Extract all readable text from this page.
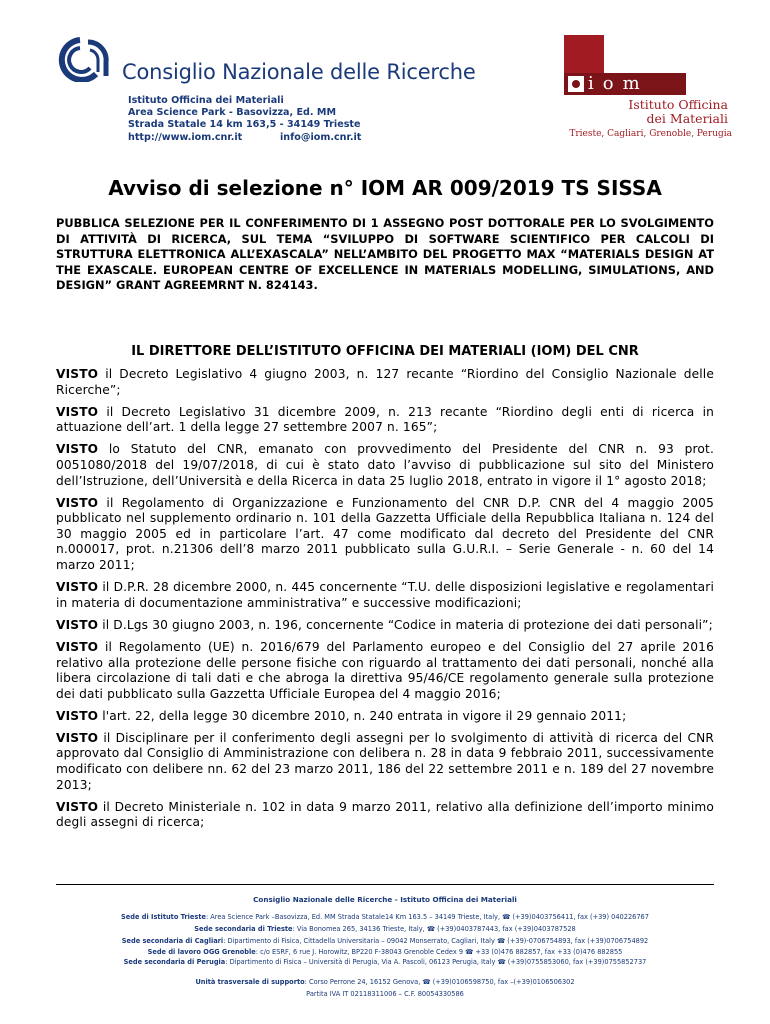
Consiglio Nazionale delle Ricerche
Istituto Officina dei Materiali
Area Science Park - Basovizza, Ed. MM
Strada Statale 14 km 163,5 - 34149 Trieste
http://www.iom.cnr.it	info@iom.cnr.it
iom
Istituto Officina
dei Materiali
Trieste, Cagliari, Grenoble, Perugia
Avviso di selezione n° IOM AR 009/2019 TS SISSA
PUBBLICA SELEZIONE PER IL CONFERIMENTO DI 1 ASSEGNO POST DOTTORALE PER LO SVOLGIMENTO DI ATTIVITÀ DI RICERCA, SUL TEMA “SVILUPPO DI SOFTWARE SCIENTIFICO PER CALCOLI DI STRUTTURA ELETTRONICA ALL’EXASCALA” NELL’AMBITO DEL PROGETTO MAX “MATERIALS DESIGN AT THE EXASCALE. EUROPEAN CENTRE OF EXCELLENCE IN MATERIALS MODELLING, SIMULATIONS, AND DESIGN” GRANT AGREEMRNT N. 824143.
IL DIRETTORE DELL’ISTITUTO OFFICINA DEI MATERIALI (IOM) DEL CNR

VISTO il Decreto Legislativo 4 giugno 2003, n. 127 recante “Riordino del Consiglio Nazionale delle Ricerche”;

VISTO il Decreto Legislativo 31 dicembre 2009, n. 213 recante “Riordino degli enti di ricerca in attuazione dell’art. 1 della legge 27 settembre 2007 n. 165”;

VISTO lo Statuto del CNR, emanato con provvedimento del Presidente del CNR n. 93 prot. 0051080/2018 del 19/07/2018, di cui è stato dato l’avviso di pubblicazione sul sito del Ministero dell’Istruzione, dell’Università e della Ricerca in data 25 luglio 2018, entrato in vigore il 1° agosto 2018;

VISTO il Regolamento di Organizzazione e Funzionamento del CNR D.P. CNR del 4 maggio 2005 pubblicato nel supplemento ordinario n. 101 della Gazzetta Ufficiale della Repubblica Italiana n. 124 del 30 maggio 2005 ed in particolare l’art. 47 come modificato dal decreto del Presidente del CNR n.000017, prot. n.21306 dell’8 marzo 2011 pubblicato sulla G.U.R.I. – Serie Generale - n. 60 del 14 marzo 2011;

VISTO il D.P.R. 28 dicembre 2000, n. 445 concernente “T.U. delle disposizioni legislative e regolamentari in materia di documentazione amministrativa” e successive modificazioni;

VISTO il D.Lgs 30 giugno 2003, n. 196, concernente “Codice in materia di protezione dei dati personali”;

VISTO il Regolamento (UE) n. 2016/679 del Parlamento europeo e del Consiglio del 27 aprile 2016 relativo alla protezione delle persone fisiche con riguardo al trattamento dei dati personali, nonché alla libera circolazione di tali dati e che abroga la direttiva 95/46/CE regolamento generale sulla protezione dei dati pubblicato sulla Gazzetta Ufficiale Europea del 4 maggio 2016;

VISTO l'art. 22, della legge 30 dicembre 2010, n. 240 entrata in vigore il 29 gennaio 2011;

VISTO il Disciplinare per il conferimento degli assegni per lo svolgimento di attività di ricerca del CNR approvato dal Consiglio di Amministrazione con delibera n. 28 in data 9 febbraio 2011, successivamente modificato con delibere nn. 62 del 23 marzo 2011, 186 del 22 settembre 2011 e n. 189 del 27 novembre 2013;

VISTO il Decreto Ministeriale n. 102 in data 9 marzo 2011, relativo alla definizione dell’importo minimo degli assegni di ricerca;

Consiglio Nazionale delle Ricerche - Istituto Officina dei Materiali
Sede di Istituto Trieste: Area Science Park –Basovizza, Ed. MM Strada Statale14 Km 163.5 – 34149 Trieste, Italy, ☎ (+39)0403756411, fax (+39) 040226767
Sede secondaria di Trieste: Via Bonomea 265, 34136 Trieste, Italy, ☎ (+39)0403787443, fax (+39)0403787528
Sede secondaria di Cagliari: Dipartimento di Fisica, Cittadella Universitaria – 09042 Monserrato, Cagliari, Italy ☎ (+39)-0706754893, fax (+39)0706754892
Sede di lavoro OGG Grenoble: c/o ESRF, 6 rue J. Horowitz, BP220 F-38043 Grenoble Cedex 9 ☎ +33 (0)476 882857, fax +33 (0)476 882855
Sede secondaria di Perugia: Dipartimento di Fisica – Università di Perugia, Via A. Pascoli, 06123 Perugia, Italy ☎ (+39)0755853060, fax (+39)0755852737
Unità trasversale di supporto: Corso Perrone 24, 16152 Genova, ☎ (+39)0106598750, fax –(+39)0106506302
Partita IVA IT 02118311006 – C.F. 80054330586
